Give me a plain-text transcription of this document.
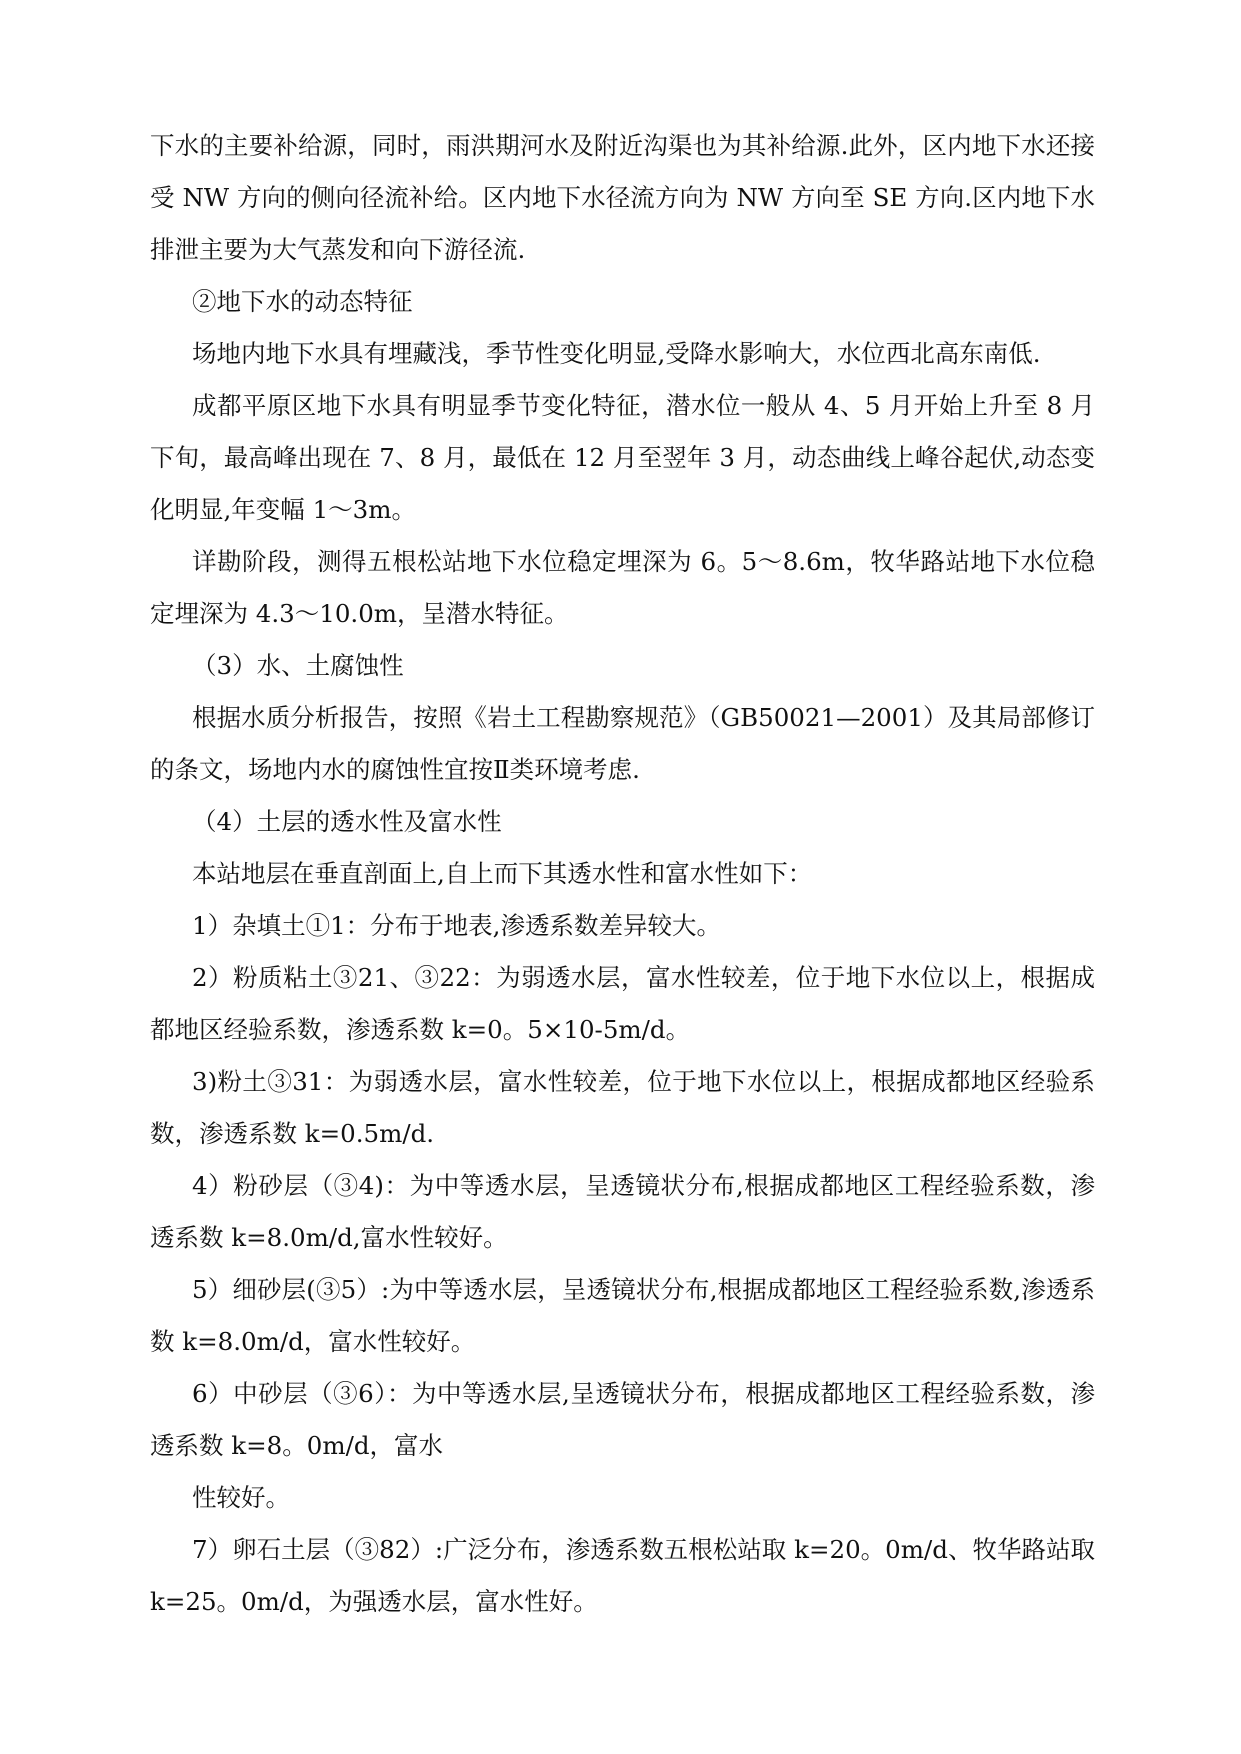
下水的主要补给源，同时，雨洪期河水及附近沟渠也为其补给源.此外，区内地下水还接受 NW 方向的侧向径流补给。区内地下水径流方向为 NW 方向至 SE 方向.区内地下水排泄主要为大气蒸发和向下游径流.

②地下水的动态特征

场地内地下水具有埋藏浅，季节性变化明显,受降水影响大，水位西北高东南低.

成都平原区地下水具有明显季节变化特征，潜水位一般从 4、5 月开始上升至 8 月下旬，最高峰出现在 7、8 月，最低在 12 月至翌年 3 月，动态曲线上峰谷起伏,动态变化明显,年变幅 1～3m。

详勘阶段，测得五根松站地下水位稳定埋深为 6。5～8.6m，牧华路站地下水位稳定埋深为 4.3～10.0m，呈潜水特征。

（3）水、土腐蚀性

根据水质分析报告，按照《岩土工程勘察规范》（GB50021—2001）及其局部修订的条文，场地内水的腐蚀性宜按Ⅱ类环境考虑.

（4）土层的透水性及富水性

本站地层在垂直剖面上,自上而下其透水性和富水性如下：

1）杂填土①1：分布于地表,渗透系数差异较大。

2）粉质粘土③21、③22：为弱透水层，富水性较差，位于地下水位以上，根据成都地区经验系数，渗透系数 k=0。5×10-5m/d。

3)粉土③31：为弱透水层，富水性较差，位于地下水位以上，根据成都地区经验系数，渗透系数 k=0.5m/d.

4）粉砂层（③4)：为中等透水层，呈透镜状分布,根据成都地区工程经验系数，渗透系数 k=8.0m/d,富水性较好。

5）细砂层(③5）:为中等透水层，呈透镜状分布,根据成都地区工程经验系数,渗透系数 k=8.0m/d，富水性较好。

6）中砂层（③6）：为中等透水层,呈透镜状分布，根据成都地区工程经验系数，渗透系数 k=8。0m/d，富水

性较好。

7）卵石土层（③82）:广泛分布，渗透系数五根松站取 k=20。0m/d、牧华路站取k=25。0m/d，为强透水层，富水性好。
